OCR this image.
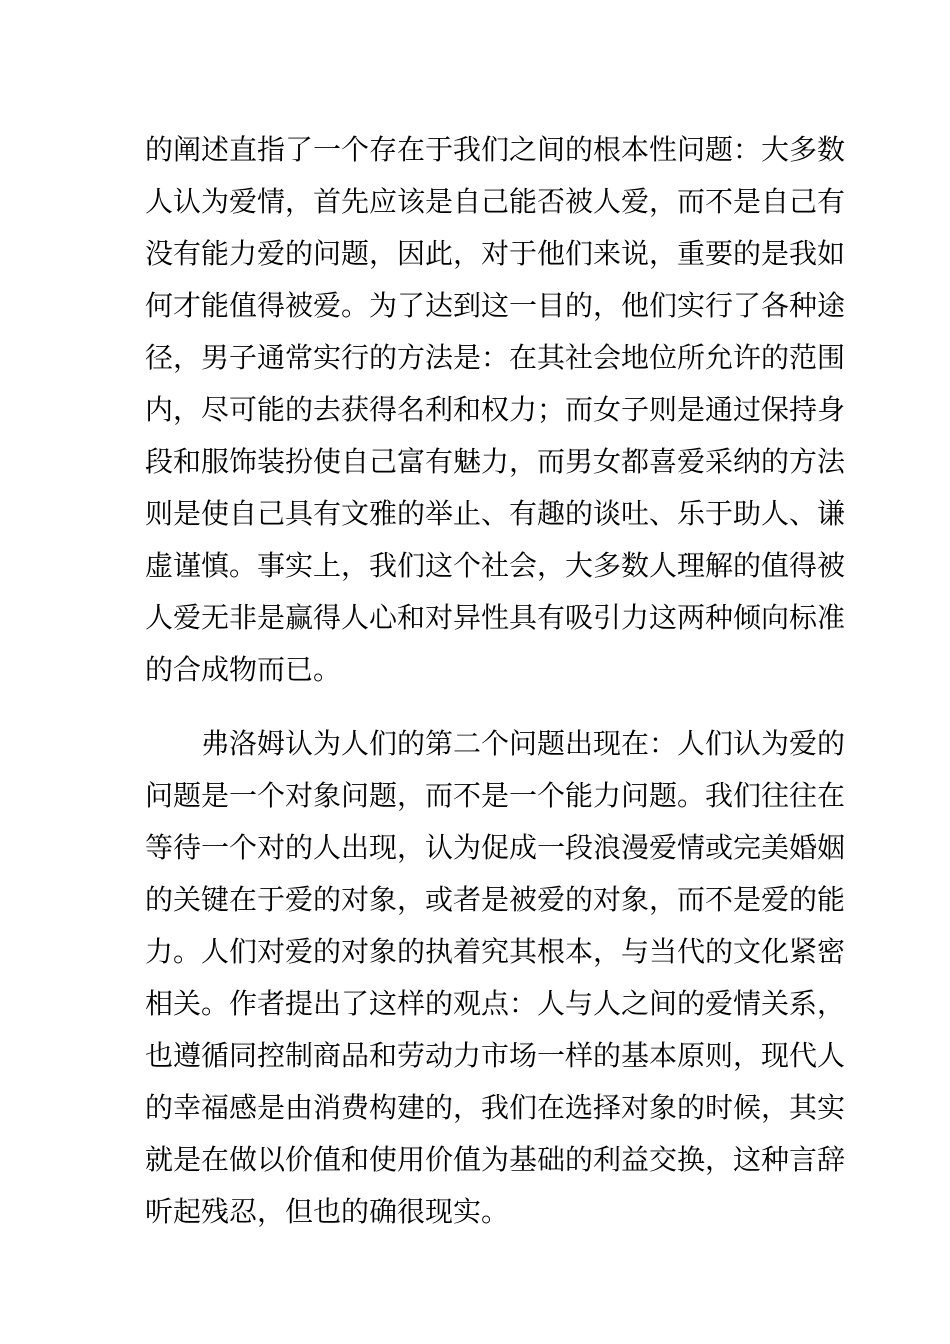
的阐述直指了一个存在于我们之间的根本性问题：大多数
人认为爱情，首先应该是自己能否被人爱，而不是自己有
没有能力爱的问题，因此，对于他们来说，重要的是我如
何才能值得被爱。为了达到这一目的，他们实行了各种途
径，男子通常实行的方法是：在其社会地位所允许的范围
内，尽可能的去获得名利和权力；而女子则是通过保持身
段和服饰装扮使自己富有魅力，而男女都喜爱采纳的方法
则是使自己具有文雅的举止、有趣的谈吐、乐于助人、谦
虚谨慎。事实上，我们这个社会，大多数人理解的值得被
人爱无非是赢得人心和对异性具有吸引力这两种倾向标准
的合成物而已。

　　弗洛姆认为人们的第二个问题出现在：人们认为爱的
问题是一个对象问题，而不是一个能力问题。我们往往在
等待一个对的人出现，认为促成一段浪漫爱情或完美婚姻
的关键在于爱的对象，或者是被爱的对象，而不是爱的能
力。人们对爱的对象的执着究其根本，与当代的文化紧密
相关。作者提出了这样的观点：人与人之间的爱情关系，
也遵循同控制商品和劳动力市场一样的基本原则，现代人
的幸福感是由消费构建的，我们在选择对象的时候，其实
就是在做以价值和使用价值为基础的利益交换，这种言辞
听起残忍，但也的确很现实。
